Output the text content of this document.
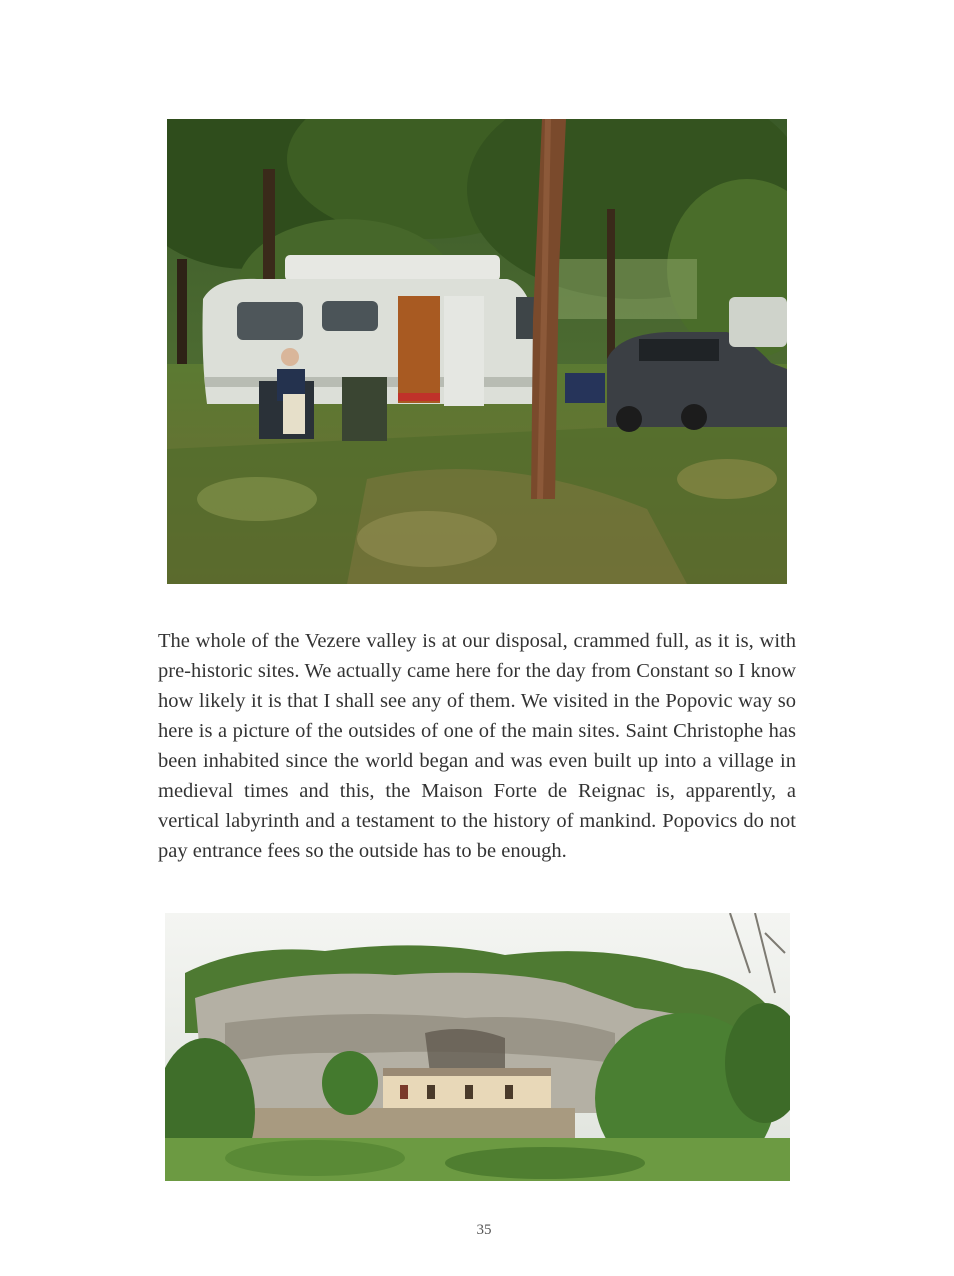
The whole of the Vezere valley is at our disposal, crammed full, as it is, with pre-historic sites. We actually came here for the day from Constant so I know how likely it is that I shall see any of them. We visited in the Popovic way so here is a picture of the outsides of one of the main sites. Saint Christophe has been inhabited since the world began and was even built up into a village in medieval times and this, the Maison Forte de Reignac is, apparently, a vertical labyrinth and a testament to the history of mankind. Popovics do not pay entrance fees so the outside has to be enough.

35
